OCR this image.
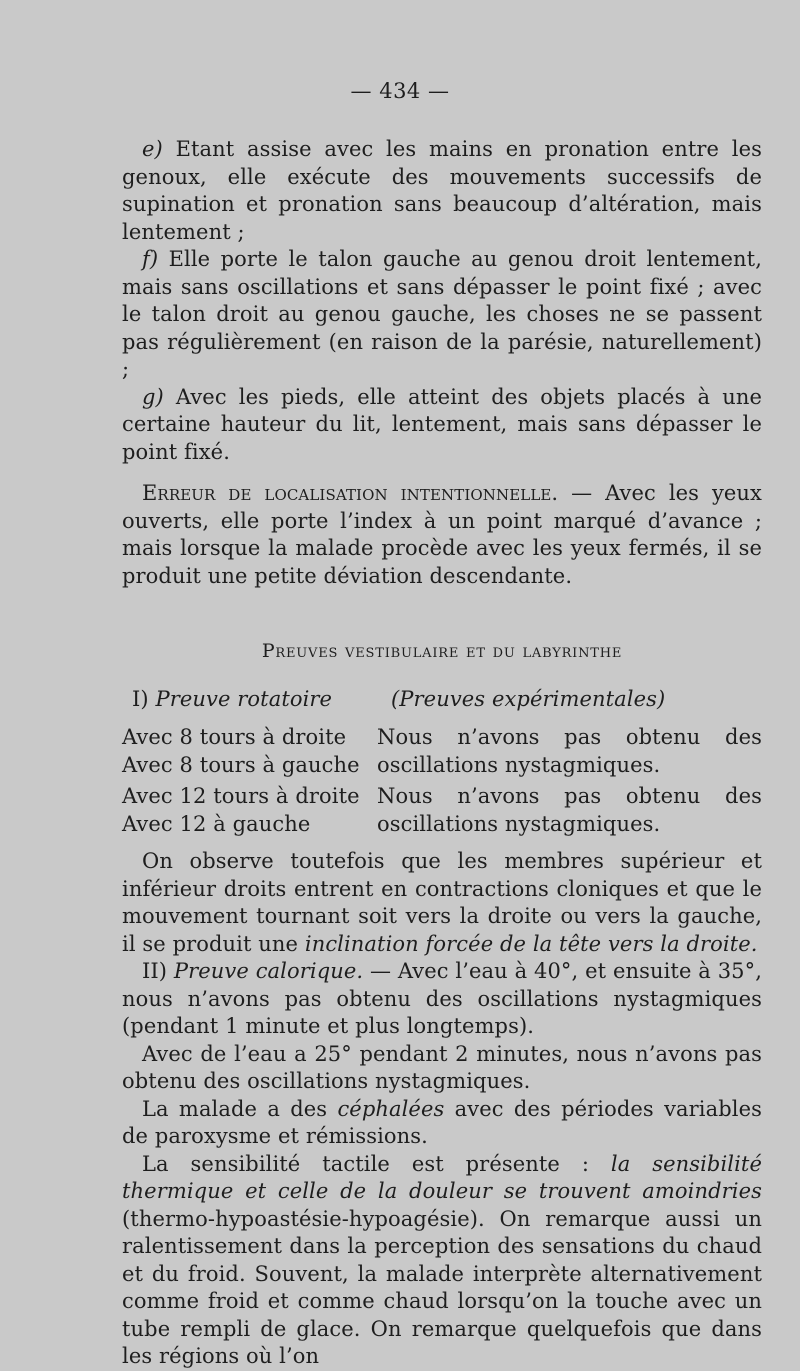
— 434 —

e) Etant assise avec les mains en pronation entre les genoux, elle exécute des mouvements successifs de supination et pronation sans beaucoup d’altération, mais lentement ;

f) Elle porte le talon gauche au genou droit lentement, mais sans oscillations et sans dépasser le point fixé ; avec le talon droit au genou gauche, les choses ne se passent pas régulièrement (en raison de la parésie, naturellement) ;

g) Avec les pieds, elle atteint des objets placés à une certaine hauteur du lit, lentement, mais sans dépasser le point fixé.

Erreur de localisation intentionnelle. — Avec les yeux ouverts, elle porte l’index à un point marqué d’avance ; mais lorsque la malade procède avec les yeux fermés, il se produit une petite déviation descendante.

Preuves vestibulaire et du labyrinthe
I) Preuve rotatoire	(Preuves expérimentales)
Avec 8 tours à droite
Avec 8 tours à gauche
Nous n’avons pas obtenu des oscillations nystagmiques.
Avec 12 tours à droite
Avec 12 à gauche
Nous n’avons pas obtenu des oscillations nystagmiques.

On observe toutefois que les membres supérieur et inférieur droits entrent en contractions cloniques et que le mouvement tournant soit vers la droite ou vers la gauche, il se produit une inclination forcée de la tête vers la droite.

II) Preuve calorique. — Avec l’eau à 40°, et ensuite à 35°, nous n’avons pas obtenu des oscillations nystagmiques (pendant 1 minute et plus longtemps).

Avec de l’eau a 25° pendant 2 minutes, nous n’avons pas obtenu des oscillations nystagmiques.

La malade a des céphalées avec des périodes variables de paroxysme et rémissions.

La sensibilité tactile est présente : la sensibilité thermique et celle de la douleur se trouvent amoindries (thermo-hypoastésie-hypoagésie). On remarque aussi un ralentissement dans la perception des sensations du chaud et du froid. Souvent, la malade interprète alternativement comme froid et comme chaud lorsqu’on la touche avec un tube rempli de glace. On remarque quelquefois que dans les régions où l’on
